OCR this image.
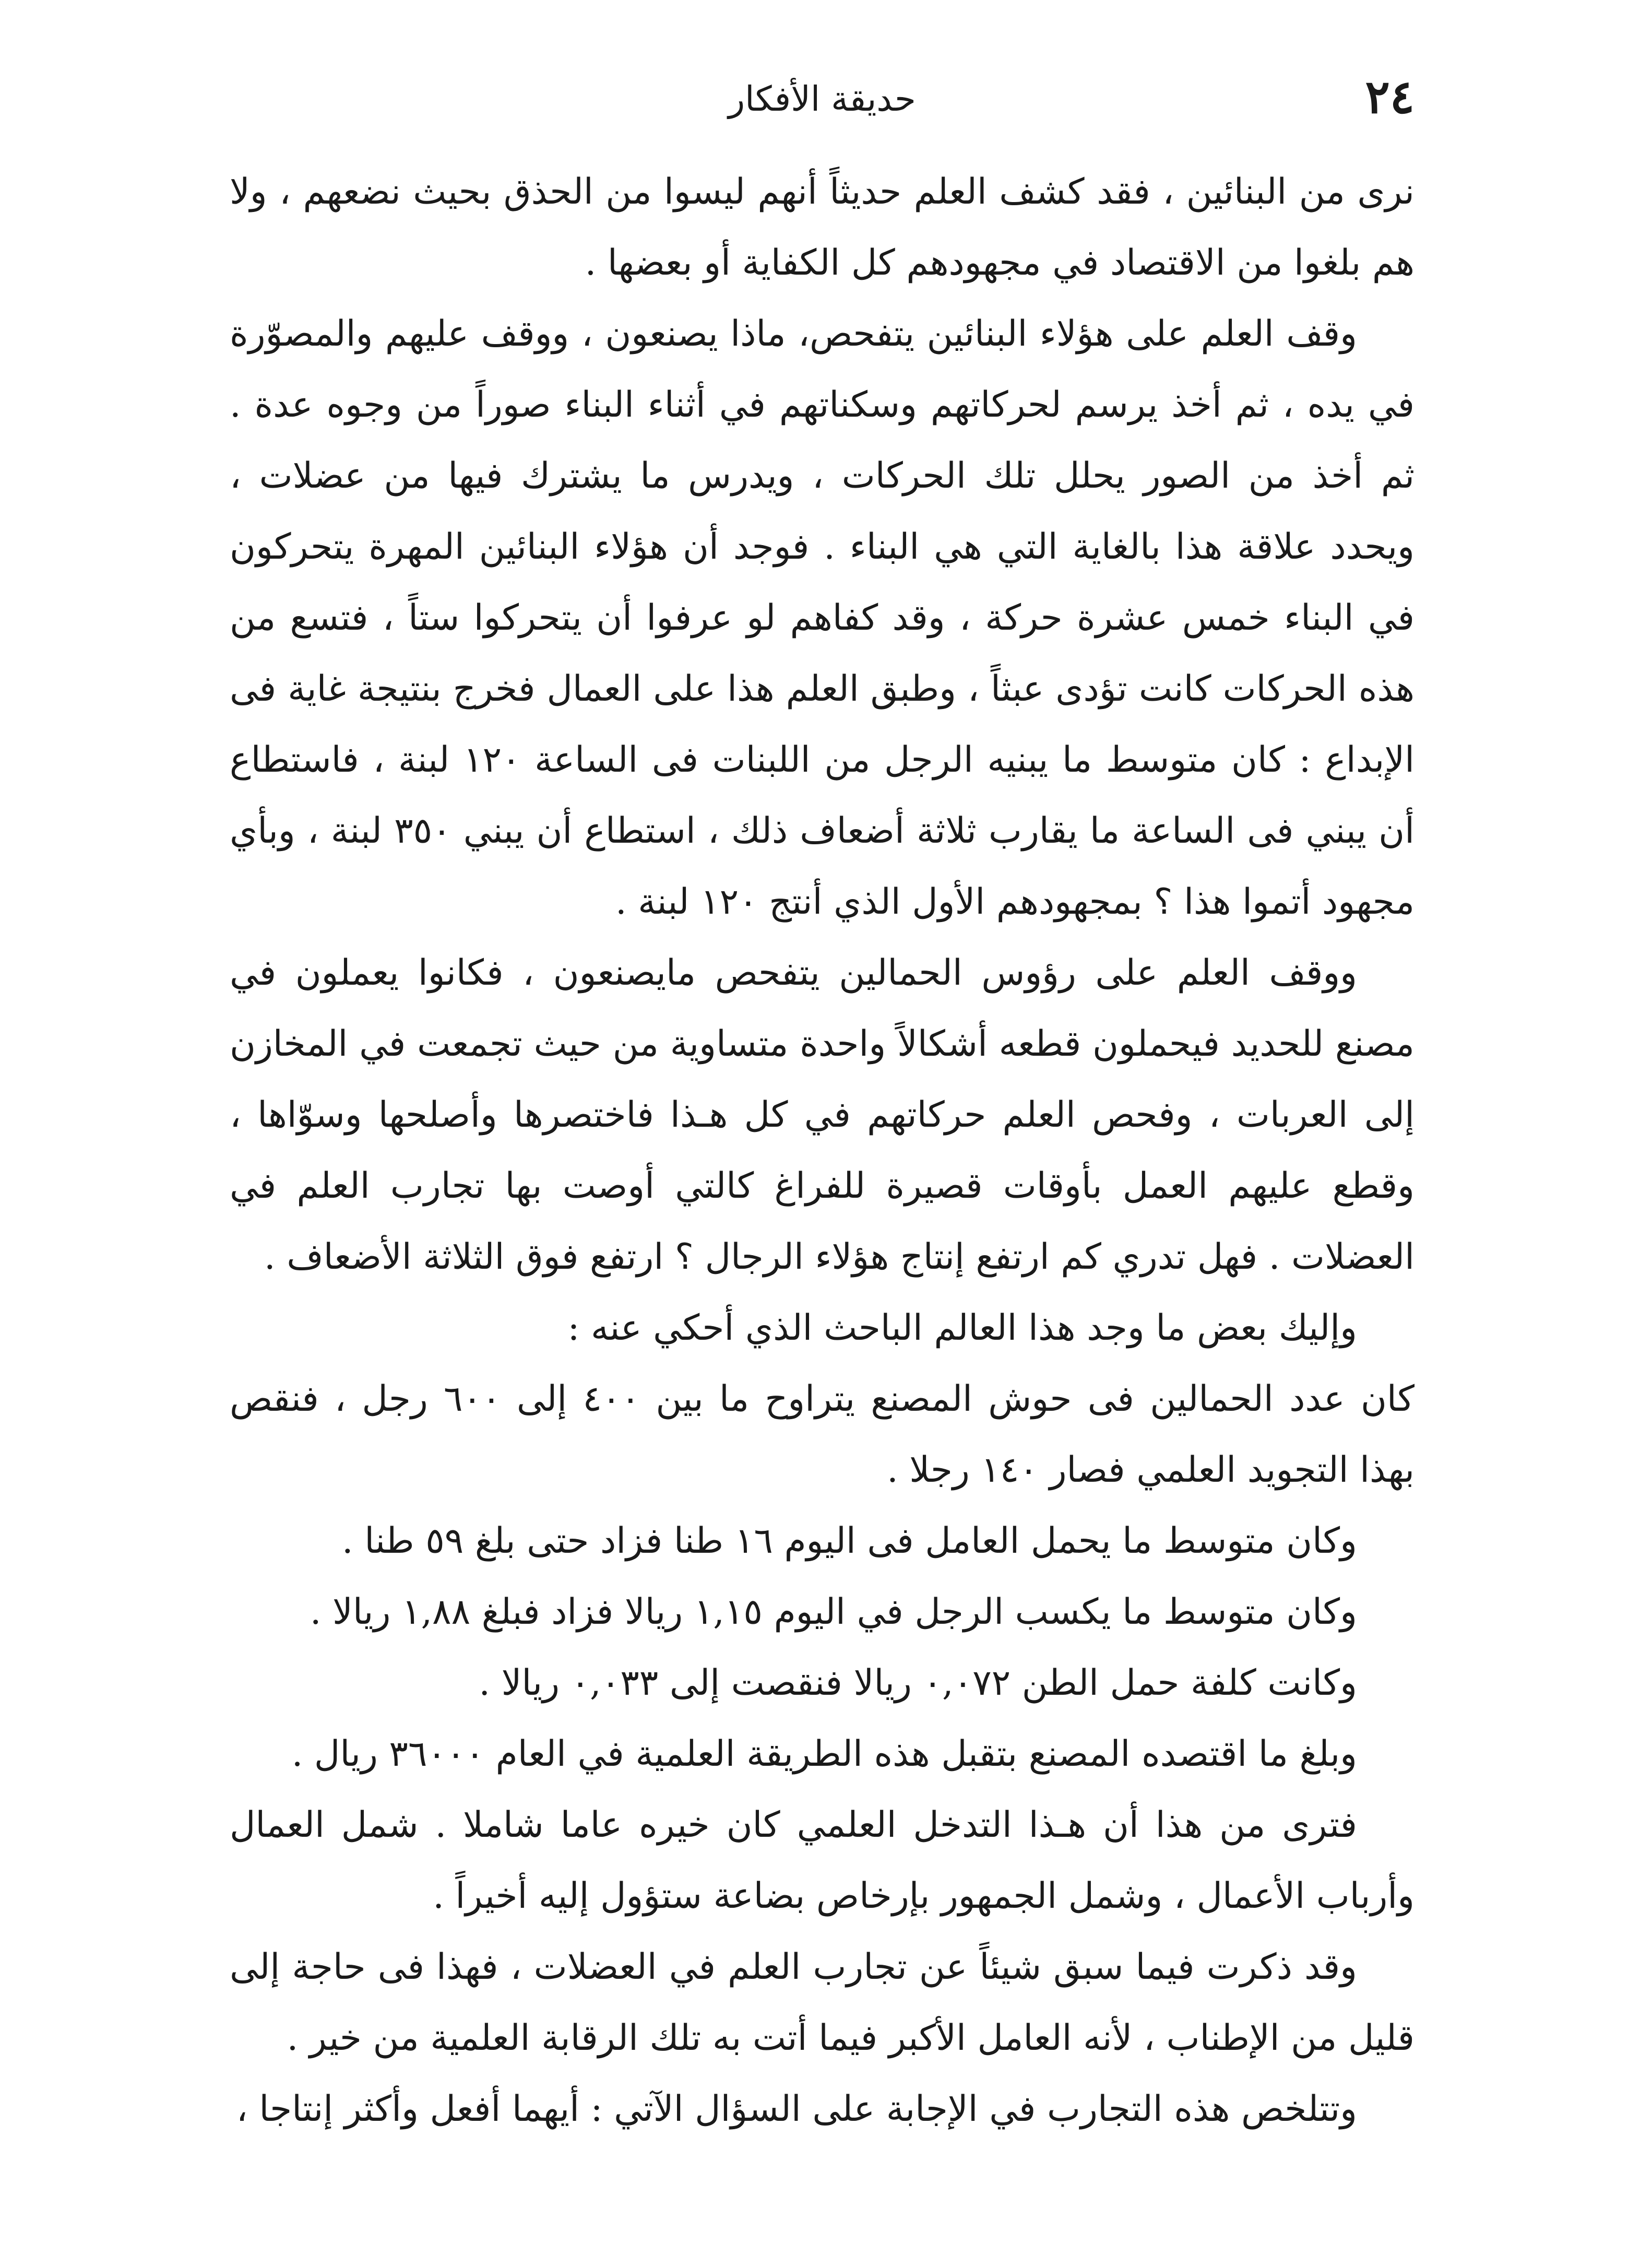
٢٤
حديقة الأفكار

نرى من البنائين ، فقد كشف العلم حديثاً أنهم ليسوا من الحذق بحيث نضعهم ، ولا هم بلغوا من الاقتصاد في مجهودهم كل الكفاية أو بعضها .

وقف العلم على هؤلاء البنائين يتفحص، ماذا يصنعون ، ووقف عليهم والمصوّرة في يده ، ثم أخذ يرسم لحركاتهم وسكناتهم في أثناء البناء صوراً من وجوه عدة . ثم أخذ من الصور يحلل تلك الحركات ، ويدرس ما يشترك فيها من عضلات ، ويحدد علاقة هذا بالغاية التي هي البناء . فوجد أن هؤلاء البنائين المهرة يتحركون في البناء خمس عشرة حركة ، وقد كفاهم لو عرفوا أن يتحركوا ستاً ، فتسع من هذه الحركات كانت تؤدى عبثاً ، وطبق العلم هذا على العمال فخرج بنتيجة غاية فى الإبداع : كان متوسط ما يبنيه الرجل من اللبنات فى الساعة ١٢٠ لبنة ، فاستطاع أن يبني فى الساعة ما يقارب ثلاثة أضعاف ذلك ، استطاع أن يبني ٣٥٠ لبنة ، وبأي مجهود أتموا هذا ؟ بمجهودهم الأول الذي أنتج ١٢٠ لبنة .

ووقف العلم على رؤوس الحمالين يتفحص مايصنعون ، فكانوا يعملون في مصنع للحديد فيحملون قطعه أشكالاً واحدة متساوية من حيث تجمعت في المخازن إلى العربات ، وفحص العلم حركاتهم في كل هـذا فاختصرها وأصلحها وسوّاها ، وقطع عليهم العمل بأوقات قصيرة للفراغ كالتي أوصت بها تجارب العلم في العضلات . فهل تدري كم ارتفع إنتاج هؤلاء الرجال ؟ ارتفع فوق الثلاثة الأضعاف .

وإليك بعض ما وجد هذا العالم الباحث الذي أحكي عنه :

كان عدد الحمالين فى حوش المصنع يتراوح ما بين ٤٠٠ إلى ٦٠٠ رجل ، فنقص بهذا التجويد العلمي فصار ١٤٠ رجلا .

وكان متوسط ما يحمل العامل فى اليوم ١٦ طنا فزاد حتى بلغ ٥٩ طنا .

وكان متوسط ما يكسب الرجل في اليوم ١,١٥ ريالا فزاد فبلغ ١,٨٨ ريالا .

وكانت كلفة حمل الطن ٠,٠٧٢ ريالا فنقصت إلى ٠,٠٣٣ ريالا .

وبلغ ما اقتصده المصنع بتقبل هذه الطريقة العلمية في العام ٣٦٠٠٠ ريال .

فترى من هذا أن هـذا التدخل العلمي كان خيره عاما شاملا . شمل العمال وأرباب الأعمال ، وشمل الجمهور بإرخاص بضاعة ستؤول إليه أخيراً .

وقد ذكرت فيما سبق شيئاً عن تجارب العلم في العضلات ، فهذا فى حاجة إلى قليل من الإطناب ، لأنه العامل الأكبر فيما أتت به تلك الرقابة العلمية من خير .

وتتلخص هذه التجارب في الإجابة على السؤال الآتي : أيهما أفعل وأكثر إنتاجا ،
